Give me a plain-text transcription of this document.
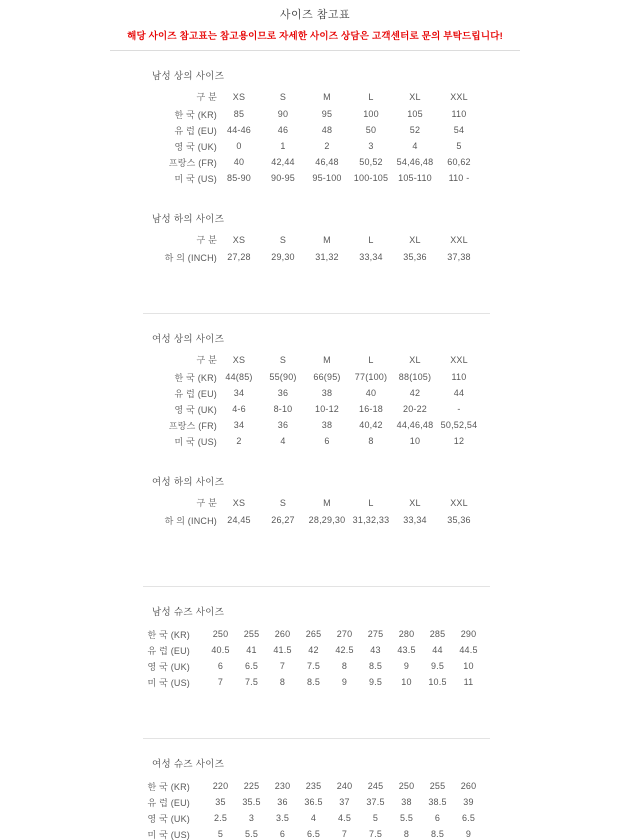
사이즈 참고표
해당 사이즈 참고표는 참고용이므로 자세한 사이즈 상담은 고객센터로 문의 부탁드립니다!
남성 상의 사이즈
구 분	XS	S	M	L	XL	XXL
한 국 (KR)	85	90	95	100	105	110
유 럽 (EU)	44-46	46	48	50	52	54
영 국 (UK)	0	1	2	3	4	5
프랑스 (FR)	40	42,44	46,48	50,52	54,46,48	60,62
미 국 (US)	85-90	90-95	95-100	100-105	105-110	110 -
남성 하의 사이즈
구 분	XS	S	M	L	XL	XXL
하 의 (INCH)	27,28	29,30	31,32	33,34	35,36	37,38
여성 상의 사이즈
구 분	XS	S	M	L	XL	XXL
한 국 (KR)	44(85)	55(90)	66(95)	77(100)	88(105)	110
유 럽 (EU)	34	36	38	40	42	44
영 국 (UK)	4-6	8-10	10-12	16-18	20-22	-
프랑스 (FR)	34	36	38	40,42	44,46,48	50,52,54
미 국 (US)	2	4	6	8	10	12
여성 하의 사이즈
구 분	XS	S	M	L	XL	XXL
하 의 (INCH)	24,45	26,27	28,29,30	31,32,33	33,34	35,36
남성 슈즈 사이즈
한 국 (KR)	250	255	260	265	270	275	280	285	290
유 럽 (EU)	40.5	41	41.5	42	42.5	43	43.5	44	44.5
영 국 (UK)	6	6.5	7	7.5	8	8.5	9	9.5	10
미 국 (US)	7	7.5	8	8.5	9	9.5	10	10.5	11
여성 슈즈 사이즈
한 국 (KR)	220	225	230	235	240	245	250	255	260
유 럽 (EU)	35	35.5	36	36.5	37	37.5	38	38.5	39
영 국 (UK)	2.5	3	3.5	4	4.5	5	5.5	6	6.5
미 국 (US)	5	5.5	6	6.5	7	7.5	8	8.5	9
